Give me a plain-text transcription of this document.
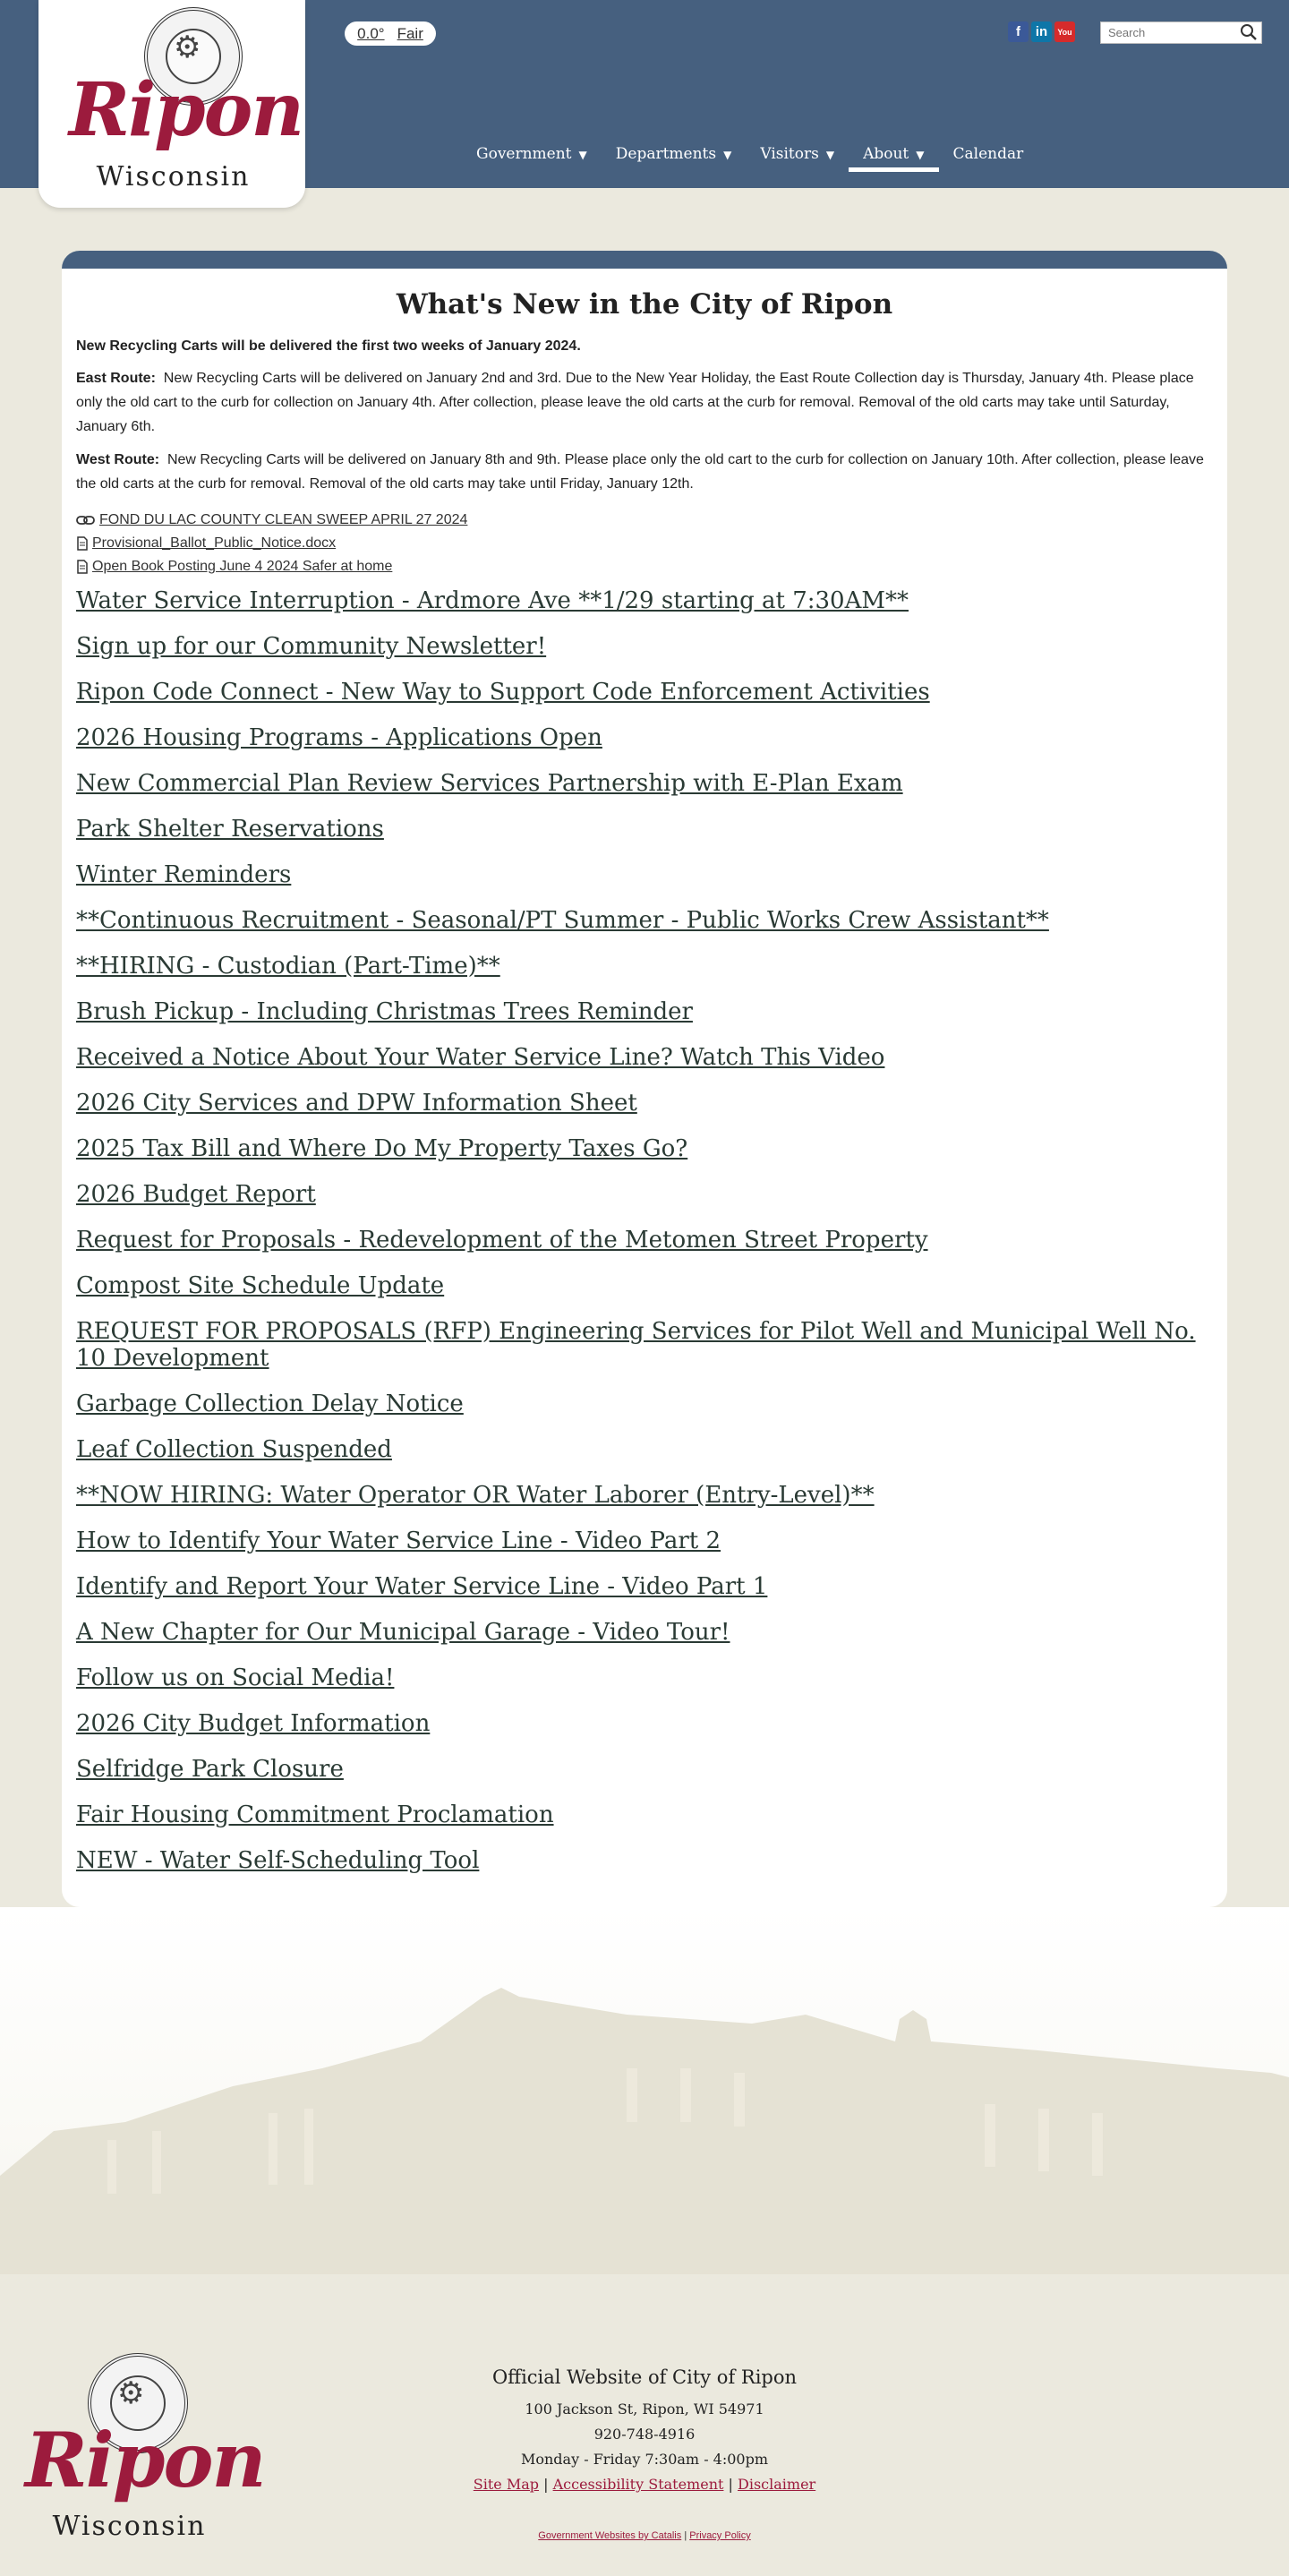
⚙
Ripon
Wisconsin
0.0° Fair	f	in	You
Search
Government ▼	Departments ▼	Visitors ▼	About ▼	Calendar
What's New in the City of Ripon

New Recycling Carts will be delivered the first two weeks of January 2024.

East Route: New Recycling Carts will be delivered on January 2nd and 3rd. Due to the New Year Holiday, the East Route Collection day is Thursday, January 4th. Please place only the old cart to the curb for collection on January 4th. After collection, please leave the old carts at the curb for removal. Removal of the old carts may take until Saturday, January 6th.

West Route: New Recycling Carts will be delivered on January 8th and 9th. Please place only the old cart to the curb for collection on January 10th. After collection, please leave the old carts at the curb for removal. Removal of the old carts may take until Friday, January 12th.

FOND DU LAC COUNTY CLEAN SWEEP APRIL 27 2024
Provisional_Ballot_Public_Notice.docx
Open Book Posting June 4 2024 Safer at home
Water Service Interruption - Ardmore Ave **1/29 starting at 7:30AM**
Sign up for our Community Newsletter!
Ripon Code Connect - New Way to Support Code Enforcement Activities
2026 Housing Programs - Applications Open
New Commercial Plan Review Services Partnership with E-Plan Exam
Park Shelter Reservations
Winter Reminders
**Continuous Recruitment - Seasonal/PT Summer - Public Works Crew Assistant**
**HIRING - Custodian (Part-Time)**
Brush Pickup - Including Christmas Trees Reminder
Received a Notice About Your Water Service Line? Watch This Video
2026 City Services and DPW Information Sheet
2025 Tax Bill and Where Do My Property Taxes Go?
2026 Budget Report
Request for Proposals - Redevelopment of the Metomen Street Property
Compost Site Schedule Update
REQUEST FOR PROPOSALS (RFP) Engineering Services for Pilot Well and Municipal Well No. 10 Development
Garbage Collection Delay Notice
Leaf Collection Suspended
**NOW HIRING: Water Operator OR Water Laborer (Entry-Level)**
How to Identify Your Water Service Line - Video Part 2
Identify and Report Your Water Service Line - Video Part 1
A New Chapter for Our Municipal Garage - Video Tour!
Follow us on Social Media!
2026 City Budget Information
Selfridge Park Closure
Fair Housing Commitment Proclamation
NEW - Water Self-Scheduling Tool
⚙
Ripon
Wisconsin
Official Website of City of Ripon
100 Jackson St, Ripon, WI 54971
920-748-4916
Monday - Friday 7:30am - 4:00pm
Site Map | Accessibility Statement | Disclaimer
Government Websites by Catalis | Privacy Policy
